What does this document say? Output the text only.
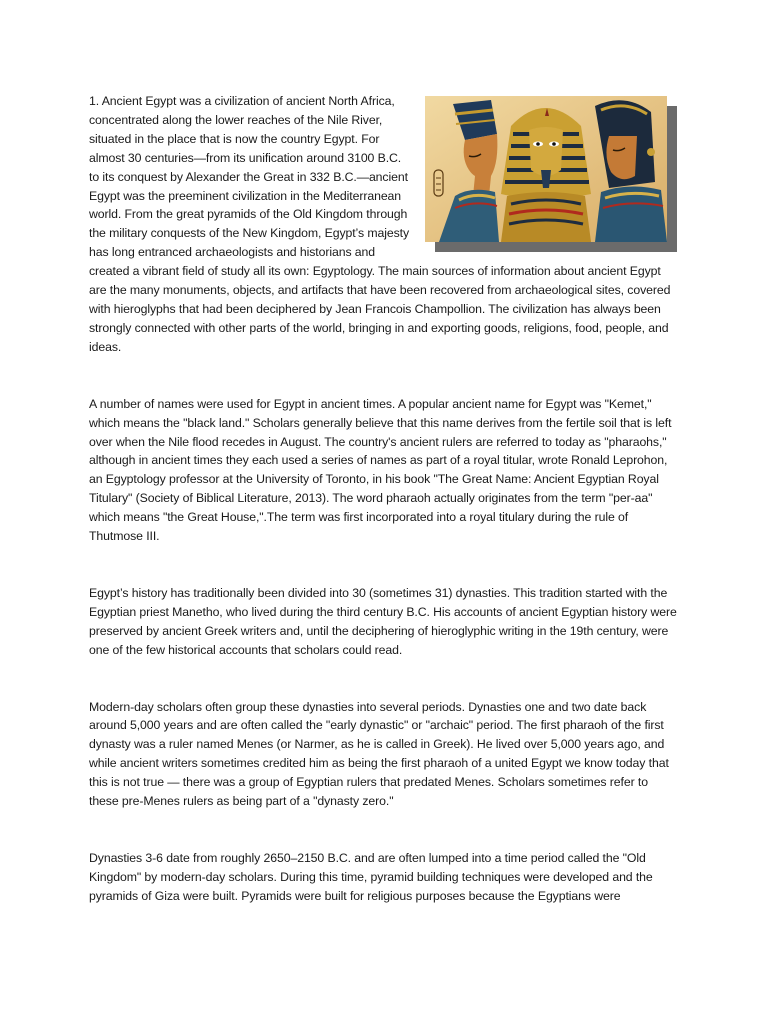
1. Ancient Egypt was a civilization of ancient North Africa, concentrated along the lower reaches of the Nile River, situated in the place that is now the country Egypt. For almost 30 centuries—from its unification around 3100 B.C. to its conquest by Alexander the Great in 332 B.C.—ancient Egypt was the preeminent civilization in the Mediterranean world. From the great pyramids of the Old Kingdom through the military conquests of the New Kingdom, Egypt’s majesty has long entranced archaeologists and historians and created a vibrant field of study all its own: Egyptology. The main sources of information about ancient Egypt are the many monuments, objects, and artifacts that have been recovered from archaeological sites, covered with hieroglyphs that had been deciphered by Jean Francois Champollion. The civilization has always been strongly connected with other parts of the world, bringing in and exporting goods, religions, food, people, and ideas.

A number of names were used for Egypt in ancient times. A popular ancient name for Egypt was "Kemet," which means the "black land." Scholars generally believe that this name derives from the fertile soil that is left over when the Nile flood recedes in August. The country's ancient rulers are referred to today as "pharaohs," although in ancient times they each used a series of names as part of a royal titular, wrote Ronald Leprohon, an Egyptology professor at the University of Toronto, in his book "The Great Name: Ancient Egyptian Royal Titulary" (Society of Biblical Literature, 2013). The word pharaoh actually originates from the term "per-aa" which means "the Great House,".The term was first incorporated into a royal titulary during the rule of Thutmose III.

Egypt’s history has traditionally been divided into 30 (sometimes 31) dynasties. This tradition started with the Egyptian priest Manetho, who lived during the third century B.C. His accounts of ancient Egyptian history were preserved by ancient Greek writers and, until the deciphering of hieroglyphic writing in the 19th century, were one of the few historical accounts that scholars could read.

Modern-day scholars often group these dynasties into several periods. Dynasties one and two date back around 5,000 years and are often called the "early dynastic" or "archaic" period. The first pharaoh of the first dynasty was a ruler named Menes (or Narmer, as he is called in Greek). He lived over 5,000 years ago, and while ancient writers sometimes credited him as being the first pharaoh of a united Egypt we know today that this is not true — there was a group of Egyptian rulers that predated Menes. Scholars sometimes refer to these pre-Menes rulers as being part of a "dynasty zero."

Dynasties 3-6 date from roughly 2650–2150 B.C. and are often lumped into a time period called the "Old Kingdom" by modern-day scholars. During this time, pyramid building techniques were developed and the pyramids of Giza were built. Pyramids were built for religious purposes because the Egyptians were
